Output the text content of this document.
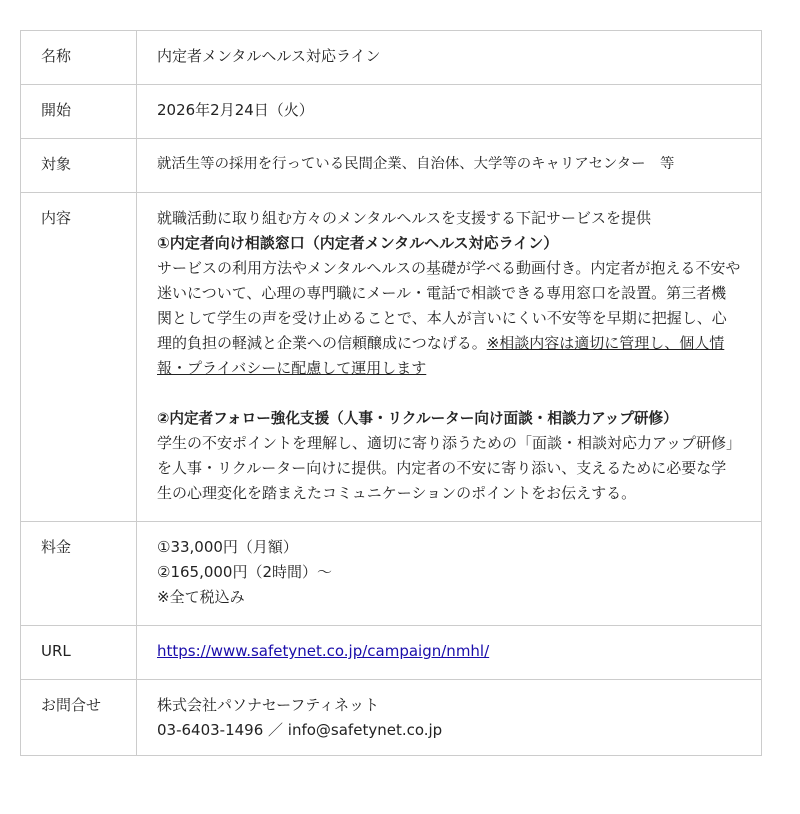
名称	内定者メンタルヘルス対応ライン
開始	2026年2月24日（火）
対象	就活生等の採用を行っている民間企業、自治体、大学等のキャリアセンター　等
内容	就職活動に取り組む方々のメンタルヘルスを支援する下記サービスを提供
①内定者向け相談窓口（内定者メンタルヘルス対応ライン）
サービスの利用方法やメンタルヘルスの基礎が学べる動画付き。内定者が抱える不安や迷いについて、心理の専門職にメール・電話で相談できる専用窓口を設置。第三者機関として学生の声を受け止めることで、本人が言いにくい不安等を早期に把握し、心理的負担の軽減と企業への信頼醸成につなげる。※相談内容は適切に管理し、個人情報・プライバシーに配慮して運用します
②内定者フォロー強化支援（人事・リクルーター向け面談・相談力アップ研修）
学生の不安ポイントを理解し、適切に寄り添うための「面談・相談対応力アップ研修」を人事・リクルーター向けに提供。内定者の不安に寄り添い、支えるために必要な学生の心理変化を踏まえたコミュニケーションのポイントをお伝えする。

料金	①33,000円（月額）
②165,000円（2時間）～
※全て税込み

URL	https://www.safetynet.co.jp/campaign/nmhl/
お問合せ	株式会社パソナセーフティネット
03-6403-1496 ／ info@safetynet.co.jp
